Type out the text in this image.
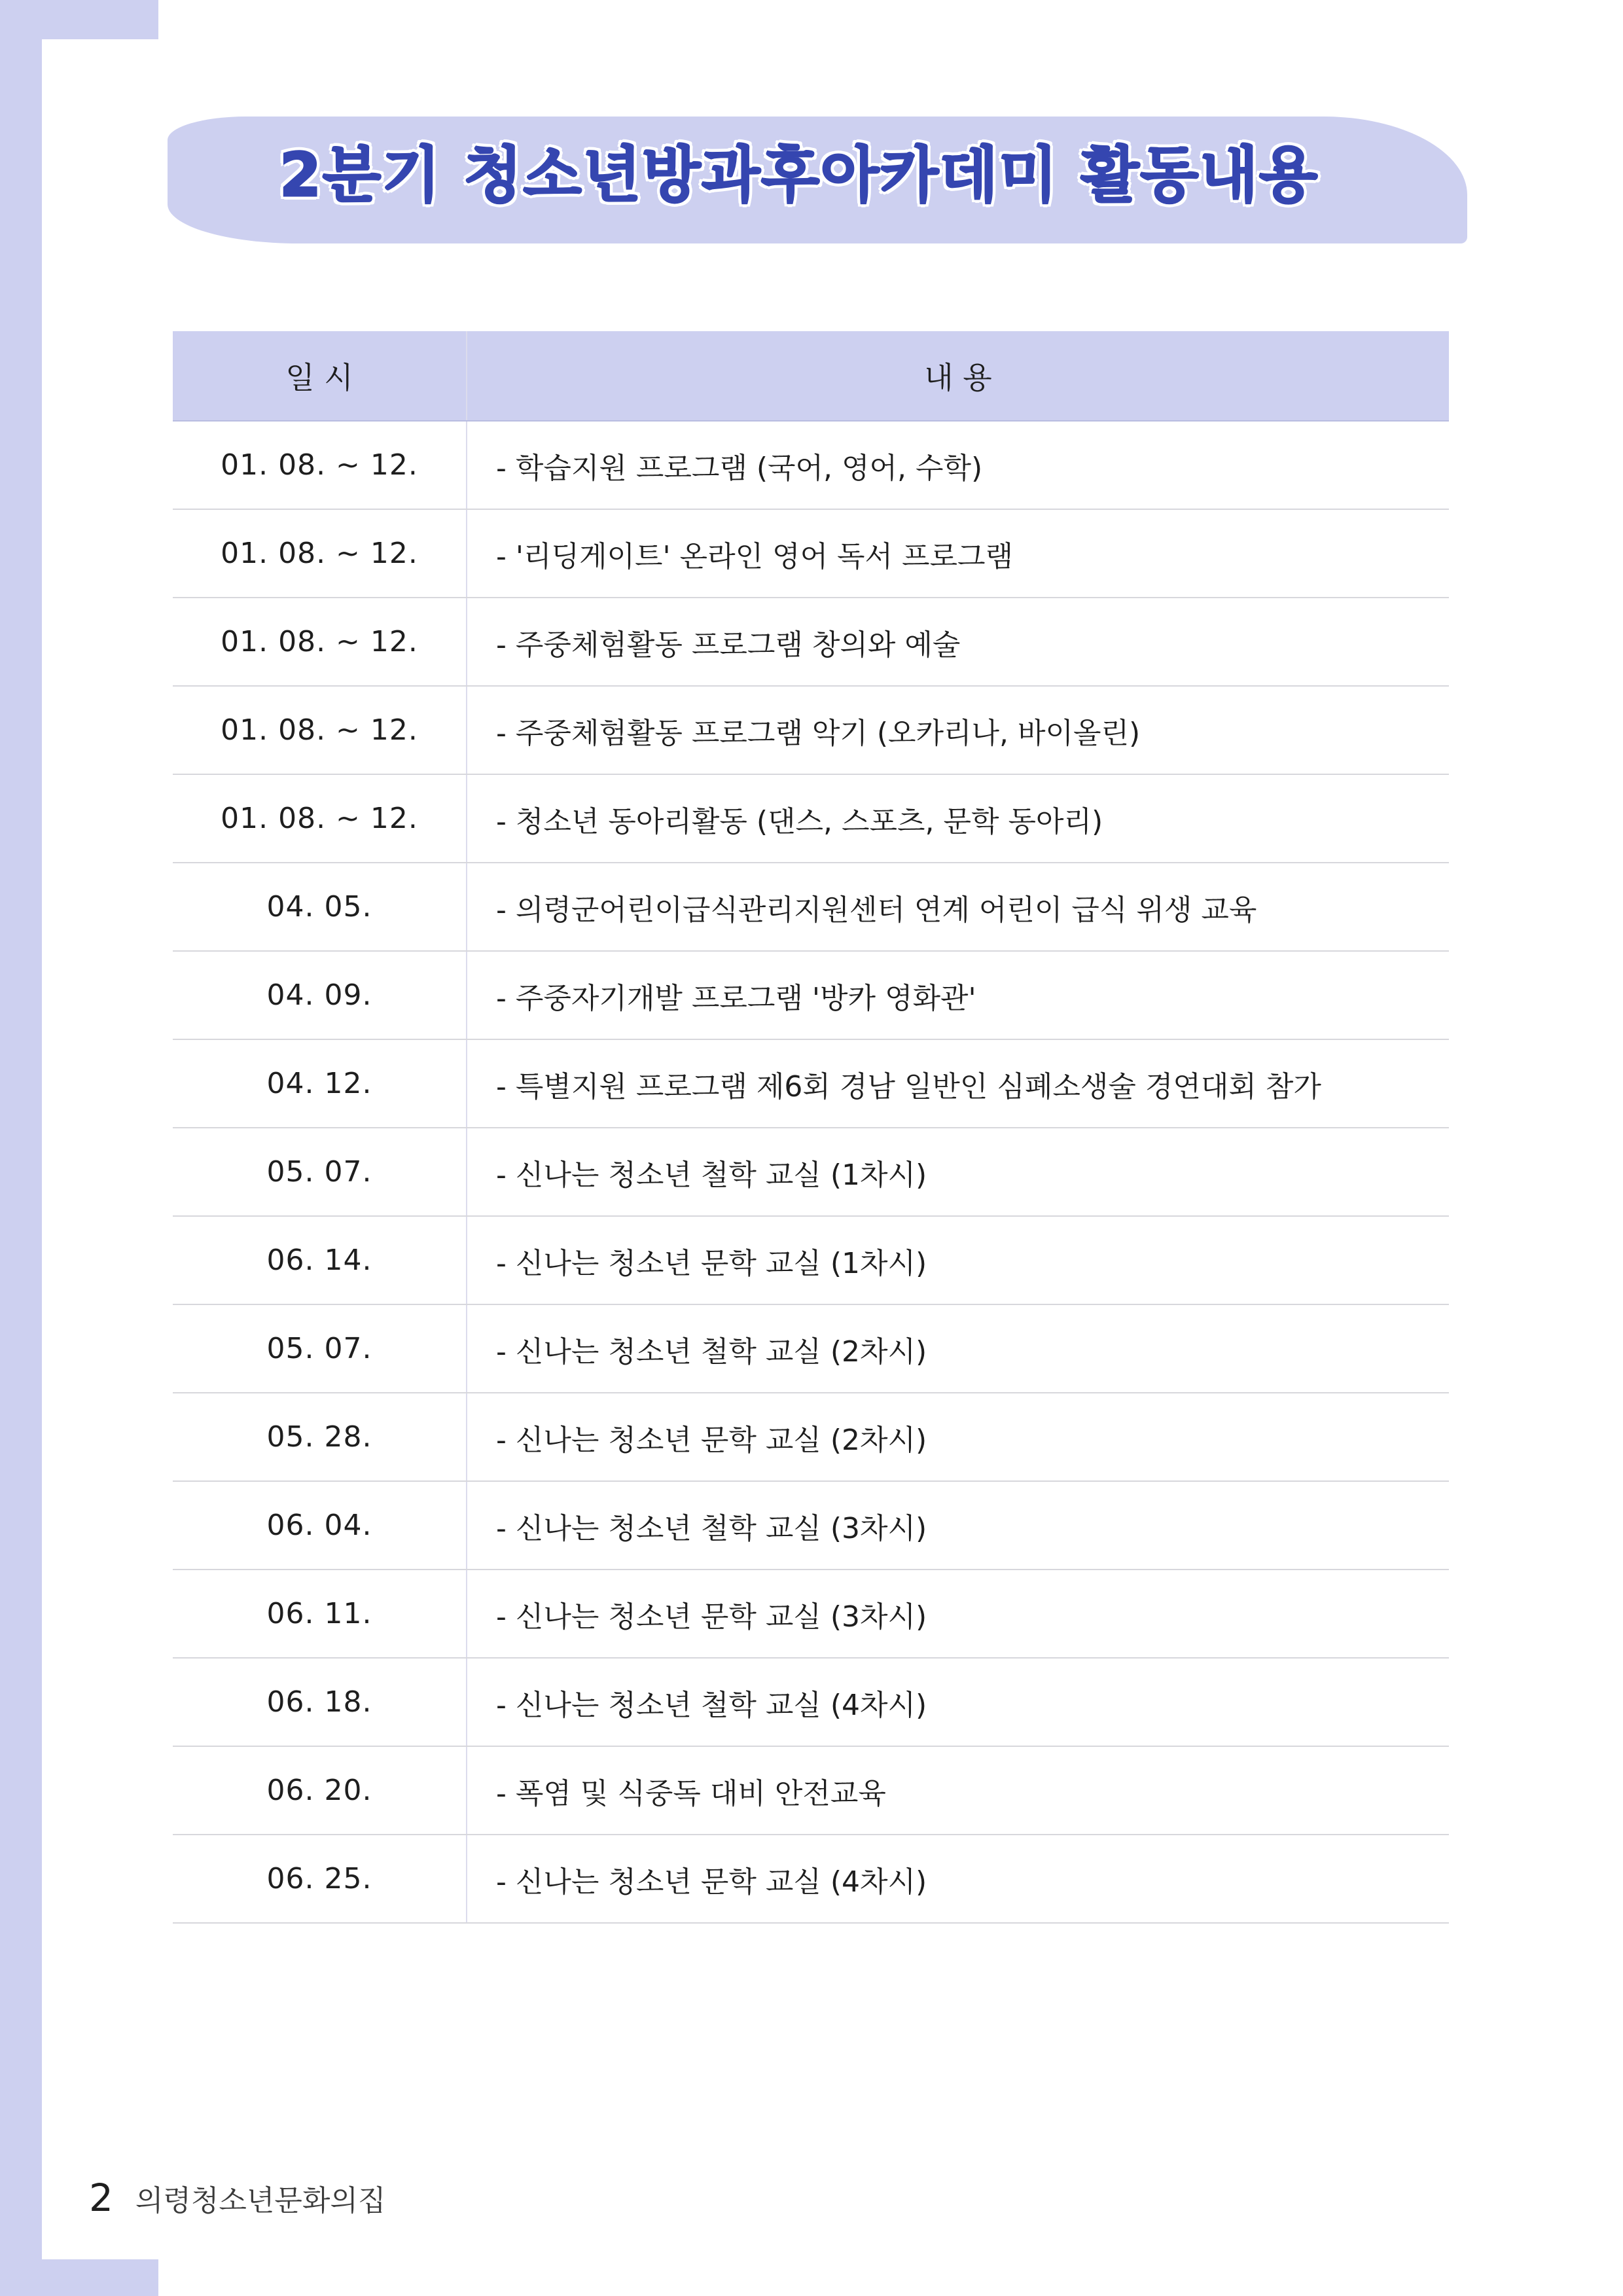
2분기 청소년방과후아카데미 활동내용
일 시	내 용
01. 08. ~ 12.	- 학습지원 프로그램 (국어, 영어, 수학)
01. 08. ~ 12.	- '리딩게이트' 온라인 영어 독서 프로그램
01. 08. ~ 12.	- 주중체험활동 프로그램 창의와 예술
01. 08. ~ 12.	- 주중체험활동 프로그램 악기 (오카리나, 바이올린)
01. 08. ~ 12.	- 청소년 동아리활동 (댄스, 스포츠, 문학 동아리)
04. 05.	- 의령군어린이급식관리지원센터 연계 어린이 급식 위생 교육
04. 09.	- 주중자기개발 프로그램 '방카 영화관'
04. 12.	- 특별지원 프로그램 제6회 경남 일반인 심폐소생술 경연대회 참가
05. 07.	- 신나는 청소년 철학 교실 (1차시)
06. 14.	- 신나는 청소년 문학 교실 (1차시)
05. 07.	- 신나는 청소년 철학 교실 (2차시)
05. 28.	- 신나는 청소년 문학 교실 (2차시)
06. 04.	- 신나는 청소년 철학 교실 (3차시)
06. 11.	- 신나는 청소년 문학 교실 (3차시)
06. 18.	- 신나는 청소년 철학 교실 (4차시)
06. 20.	- 폭염 및 식중독 대비 안전교육
06. 25.	- 신나는 청소년 문학 교실 (4차시)
2 의령청소년문화의집
